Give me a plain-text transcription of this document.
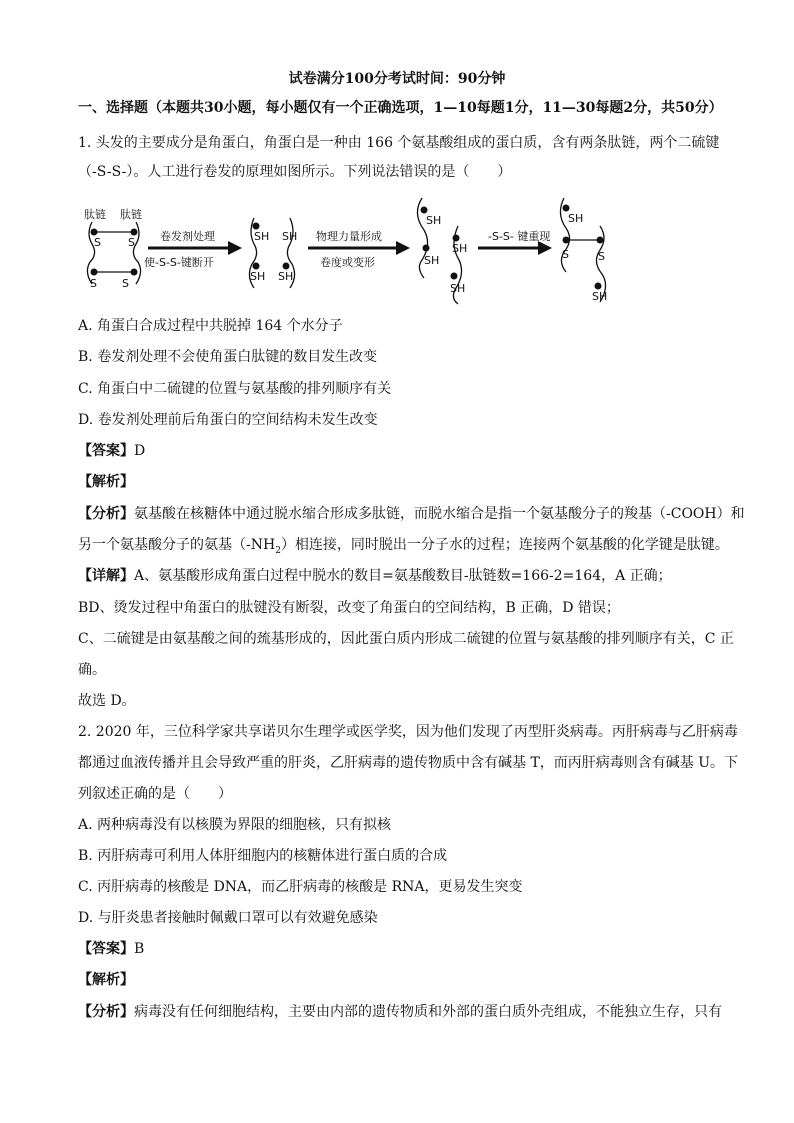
试卷满分100分考试时间：90分钟
一、选择题（本题共30小题，每小题仅有一个正确选项，1—10每题1分，11—30每题2分，共50分）
1. 头发的主要成分是角蛋白，角蛋白是一种由 166 个氨基酸组成的蛋白质，含有两条肽链，两个二硫键
（-S-S-）。人工进行卷发的原理如图所示。下列说法错误的是（　　）
肽链 肽链
S S
S S
卷发剂处理
使-S-S-键断开
SH SH
SH SH
物理力量形成
卷度或变形
SH
SH
SH
SH
-S-S- 键重现
SH
S	S
SH
A. 角蛋白合成过程中共脱掉 164 个水分子
B. 卷发剂处理不会使角蛋白肽键的数目发生改变
C. 角蛋白中二硫键的位置与氨基酸的排列顺序有关
D. 卷发剂处理前后角蛋白的空间结构未发生改变
【答案】D
【解析】
【分析】氨基酸在核糖体中通过脱水缩合形成多肽链，而脱水缩合是指一个氨基酸分子的羧基（-COOH）和
另一个氨基酸分子的氨基$(-NH_2)$相连接，同时脱出一分子水的过程；连接两个氨基酸的化学键是肽键。
【详解】A、氨基酸形成角蛋白过程中脱水的数目=氨基酸数目-肽链数=166-2=164，A 正确；
BD、烫发过程中角蛋白的肽键没有断裂，改变了角蛋白的空间结构，B 正确，D 错误；
C、二硫键是由氨基酸之间的巯基形成的，因此蛋白质内形成二硫键的位置与氨基酸的排列顺序有关，C 正
确。
故选 D。
2. 2020 年，三位科学家共享诺贝尔生理学或医学奖，因为他们发现了丙型肝炎病毒。丙肝病毒与乙肝病毒
都通过血液传播并且会导致严重的肝炎，乙肝病毒的遗传物质中含有碱基 T，而丙肝病毒则含有碱基 U。下
列叙述正确的是（　　）
A. 两种病毒没有以核膜为界限的细胞核，只有拟核
B. 丙肝病毒可利用人体肝细胞内的核糖体进行蛋白质的合成
C. 丙肝病毒的核酸是 DNA，而乙肝病毒的核酸是 RNA，更易发生突变
D. 与肝炎患者接触时佩戴口罩可以有效避免感染
【答案】B
【解析】
【分析】病毒没有任何细胞结构，主要由内部的遗传物质和外部的蛋白质外壳组成，不能独立生存，只有
